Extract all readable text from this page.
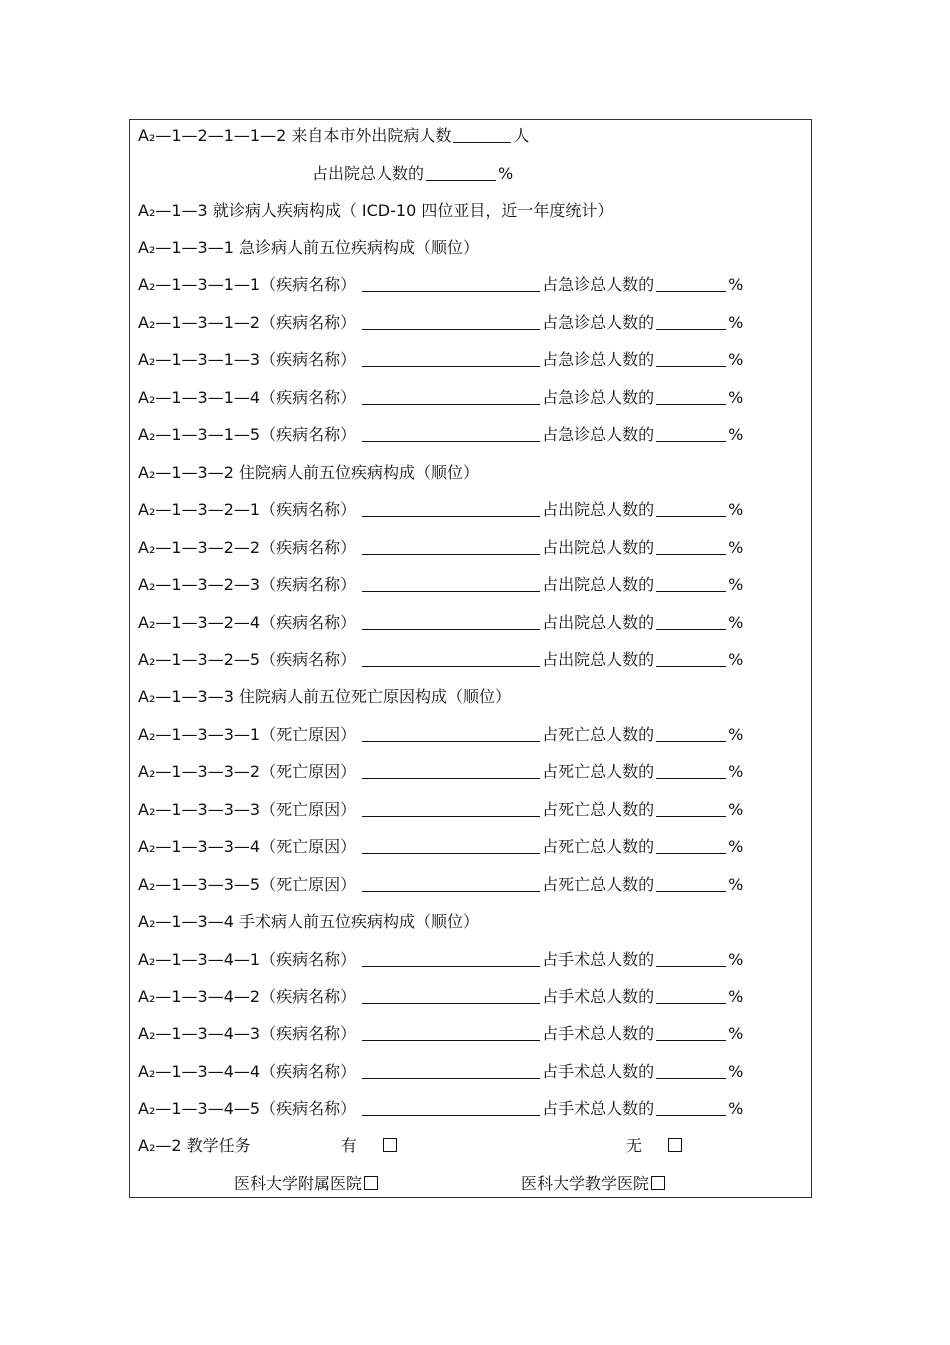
A₂—1—2—1—1—2 来自本市外出院病人数	人
占出院总人数的	%
A₂—1—3 就诊病人疾病构成（ ICD-10 四位亚目，近一年度统计）
A₂—1—3—1 急诊病人前五位疾病构成（顺位）
A₂—1—3—1—1（疾病名称）	占急诊总人数的	%
A₂—1—3—1—2（疾病名称）	占急诊总人数的	%
A₂—1—3—1—3（疾病名称）	占急诊总人数的	%
A₂—1—3—1—4（疾病名称）	占急诊总人数的	%
A₂—1—3—1—5（疾病名称）	占急诊总人数的	%
A₂—1—3—2 住院病人前五位疾病构成（顺位）
A₂—1—3—2—1（疾病名称）	占出院总人数的	%
A₂—1—3—2—2（疾病名称）	占出院总人数的	%
A₂—1—3—2—3（疾病名称）	占出院总人数的	%
A₂—1—3—2—4（疾病名称）	占出院总人数的	%
A₂—1—3—2—5（疾病名称）	占出院总人数的	%
A₂—1—3—3 住院病人前五位死亡原因构成（顺位）
A₂—1—3—3—1（死亡原因）	占死亡总人数的	%
A₂—1—3—3—2（死亡原因）	占死亡总人数的	%
A₂—1—3—3—3（死亡原因）	占死亡总人数的	%
A₂—1—3—3—4（死亡原因）	占死亡总人数的	%
A₂—1—3—3—5（死亡原因）	占死亡总人数的	%
A₂—1—3—4 手术病人前五位疾病构成（顺位）
A₂—1—3—4—1（疾病名称）	占手术总人数的	%
A₂—1—3—4—2（疾病名称）	占手术总人数的	%
A₂—1—3—4—3（疾病名称）	占手术总人数的	%
A₂—1—3—4—4（疾病名称）	占手术总人数的	%
A₂—1—3—4—5（疾病名称）	占手术总人数的	%
A₂—2 教学任务	有	无
医科大学附属医院	医科大学教学医院
